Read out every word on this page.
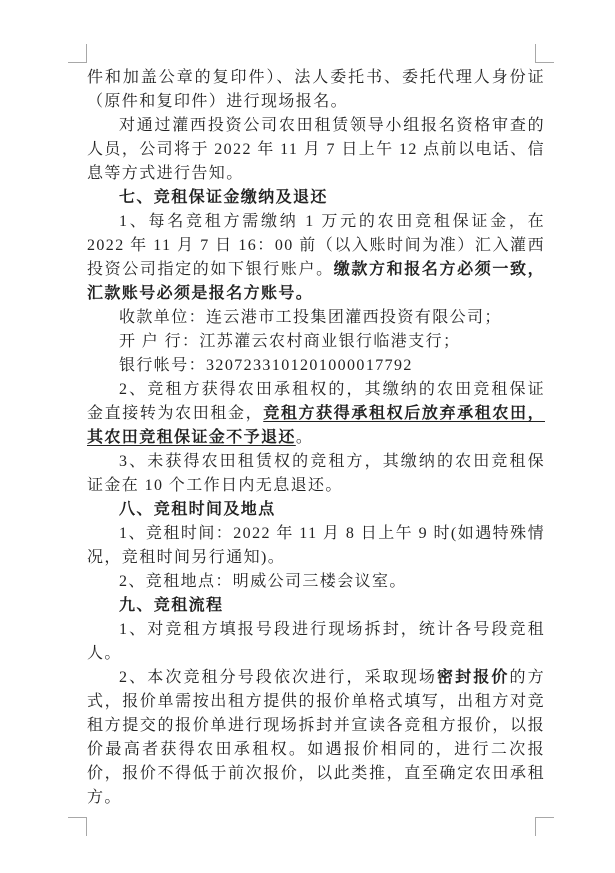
件和加盖公章的复印件）、法人委托书、委托代理人身份证（原件和复印件）进行现场报名。

对通过灌西投资公司农田租赁领导小组报名资格审查的人员，公司将于 2022 年 11 月 7 日上午 12 点前以电话、信息等方式进行告知。

七、竞租保证金缴纳及退还

1、每名竞租方需缴纳 1 万元的农田竞租保证金，在 2022 年 11 月 7 日 16：00 前（以入账时间为准）汇入灌西投资公司指定的如下银行账户。缴款方和报名方必须一致，汇款账号必须是报名方账号。

收款单位：连云港市工投集团灌西投资有限公司；

开 户 行：江苏灌云农村商业银行临港支行；

银行帐号：3207233101201000017792

2、竞租方获得农田承租权的，其缴纳的农田竞租保证金直接转为农田租金，竞租方获得承租权后放弃承租农田，其农田竞租保证金不予退还。

3、未获得农田租赁权的竞租方，其缴纳的农田竞租保证金在 10 个工作日内无息退还。

八、竞租时间及地点

1、竞租时间：2022 年 11 月 8 日上午 9 时(如遇特殊情况，竞租时间另行通知)。

2、竞租地点：明威公司三楼会议室。

九、竞租流程

1、对竞租方填报号段进行现场拆封，统计各号段竞租人。

2、本次竞租分号段依次进行，采取现场密封报价的方式，报价单需按出租方提供的报价单格式填写，出租方对竞租方提交的报价单进行现场拆封并宣读各竞租方报价，以报价最高者获得农田承租权。如遇报价相同的，进行二次报价，报价不得低于前次报价，以此类推，直至确定农田承租方。
